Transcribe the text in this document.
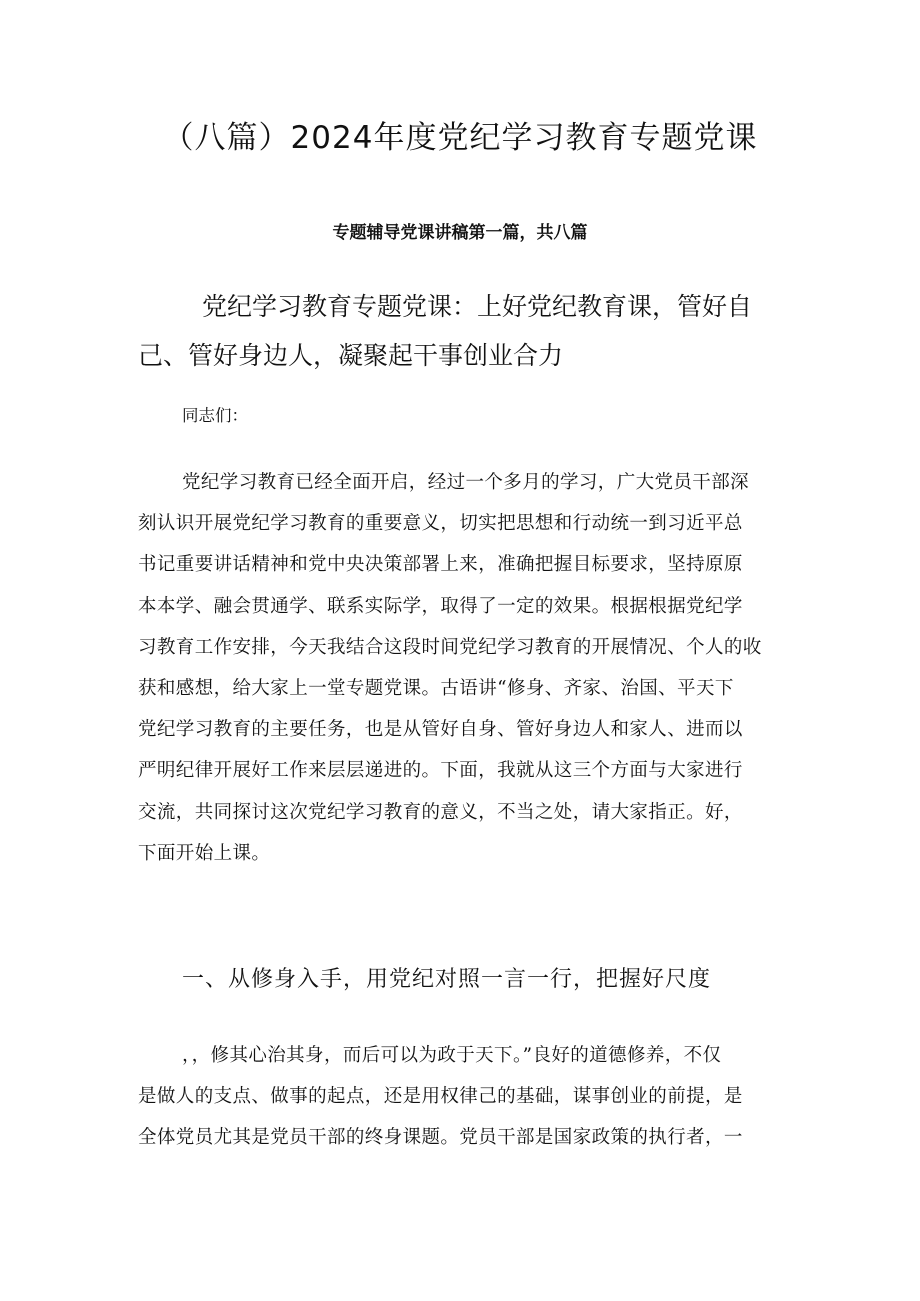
（八篇）2024年度党纪学习教育专题党课
专题辅导党课讲稿第一篇，共八篇
党纪学习教育专题党课：上好党纪教育课，管好自
己、管好身边人，凝聚起干事创业合力
同志们：
党纪学习教育已经全面开启，经过一个多月的学习，广大党员干部深
刻认识开展党纪学习教育的重要意义，切实把思想和行动统一到习近平总
书记重要讲话精神和党中央决策部署上来，准确把握目标要求，坚持原原
本本学、融会贯通学、联系实际学，取得了一定的效果。根据根据党纪学
习教育工作安排，今天我结合这段时间党纪学习教育的开展情况、个人的收
获和感想，给大家上一堂专题党课。古语讲“修身、齐家、治国、平天下
党纪学习教育的主要任务，也是从管好自身、管好身边人和家人、进而以
严明纪律开展好工作来层层递进的。下面，我就从这三个方面与大家进行
交流，共同探讨这次党纪学习教育的意义，不当之处，请大家指正。好，
下面开始上课。
一、从修身入手，用党纪对照一言一行，把握好尺度
，，修其心治其身，而后可以为政于天下。”良好的道德修养，不仅
是做人的支点、做事的起点，还是用权律己的基础，谋事创业的前提，是
全体党员尤其是党员干部的终身课题。党员干部是国家政策的执行者，一
